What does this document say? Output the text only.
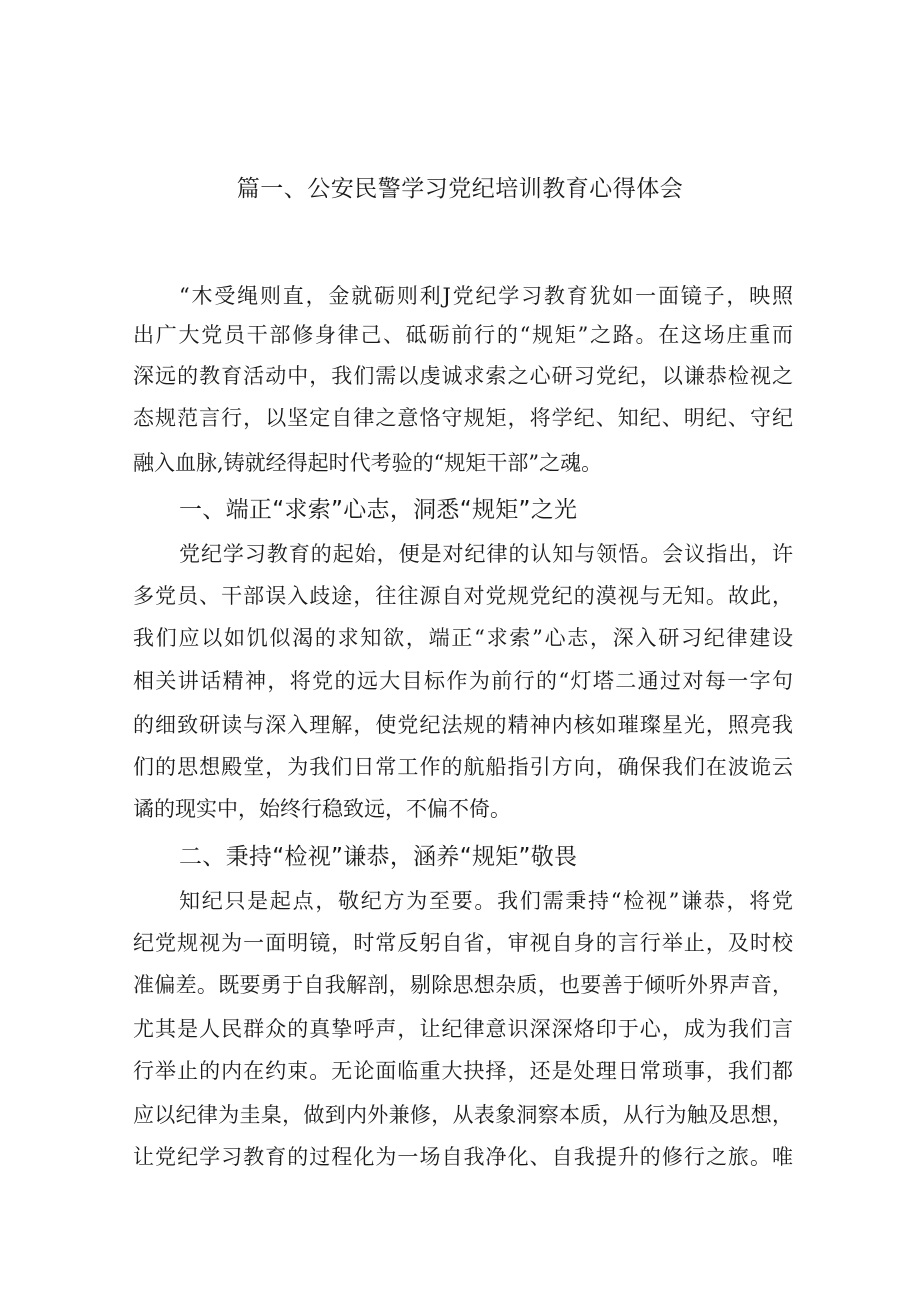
篇一、公安民警学习党纪培训教育心得体会
“木受绳则直，金就砺则利J党纪学习教育犹如一面镜子，映照
出广大党员干部修身律己、砥砺前行的“规矩”之路。在这场庄重而
深远的教育活动中，我们需以虔诚求索之心研习党纪，以谦恭检视之
态规范言行，以坚定自律之意恪守规矩，将学纪、知纪、明纪、守纪
融入血脉,铸就经得起时代考验的“规矩干部”之魂。
一、端正“求索”心志，洞悉“规矩”之光
党纪学习教育的起始，便是对纪律的认知与领悟。会议指出，许
多党员、干部误入歧途，往往源自对党规党纪的漠视与无知。故此，
我们应以如饥似渴的求知欲，端正“求索”心志，深入研习纪律建设
相关讲话精神，将党的远大目标作为前行的“灯塔二通过对每一字句
的细致研读与深入理解，使党纪法规的精神内核如璀璨星光，照亮我
们的思想殿堂，为我们日常工作的航船指引方向，确保我们在波诡云
谲的现实中，始终行稳致远，不偏不倚。
二、秉持“检视”谦恭，涵养“规矩”敬畏
知纪只是起点，敬纪方为至要。我们需秉持“检视”谦恭，将党
纪党规视为一面明镜，时常反躬自省，审视自身的言行举止，及时校
准偏差。既要勇于自我解剖，剔除思想杂质，也要善于倾听外界声音，
尤其是人民群众的真挚呼声，让纪律意识深深烙印于心，成为我们言
行举止的内在约束。无论面临重大抉择，还是处理日常琐事，我们都
应以纪律为圭臬，做到内外兼修，从表象洞察本质，从行为触及思想，
让党纪学习教育的过程化为一场自我净化、自我提升的修行之旅。唯
